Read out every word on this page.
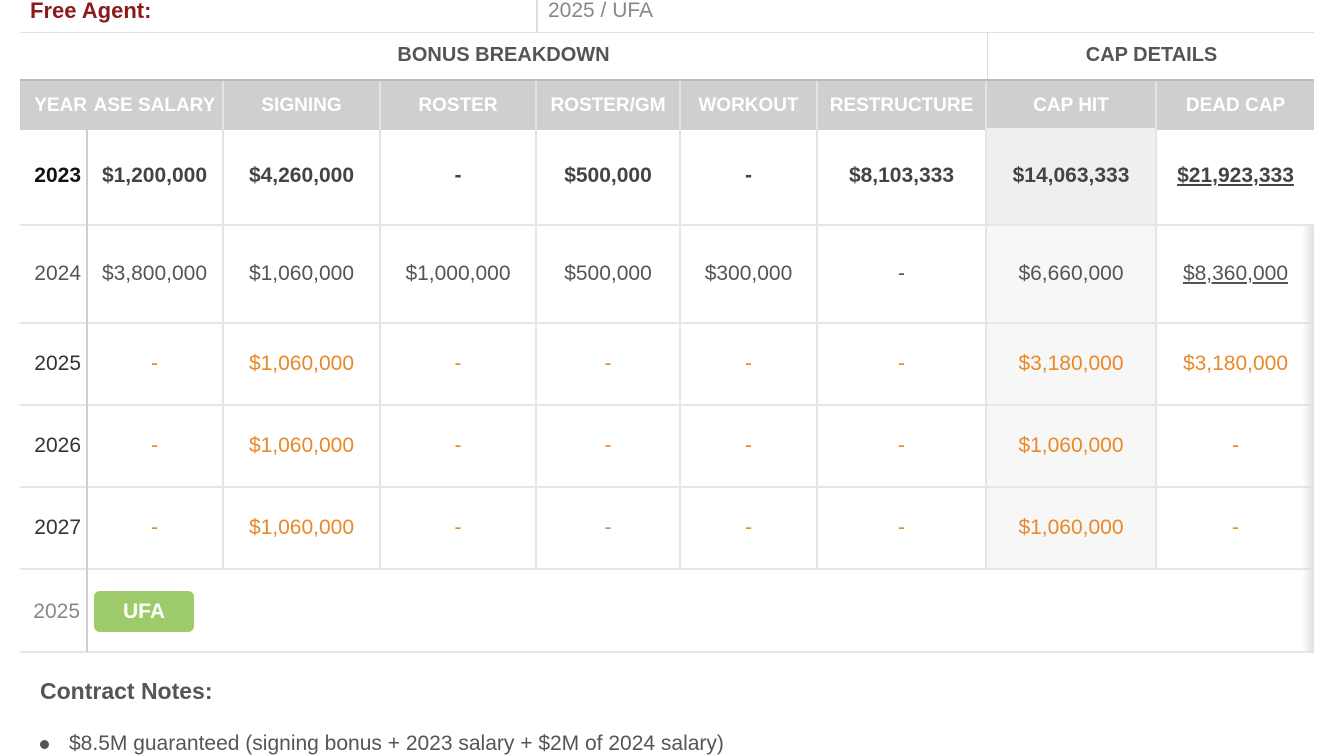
Free Agent:	2025 / UFA
BONUS BREAKDOWN	CAP DETAILS
YEAR ASE SALARY	SIGNING	ROSTER	ROSTER/GM	WORKOUT	RESTRUCTURE	CAP HIT	DEAD CAP
2023 $1,200,000	$4,260,000	-	$500,000	-	$8,103,333	$14,063,333	$21,923,333
2024 $3,800,000	$1,060,000	$1,000,000	$500,000	$300,000	-	$6,660,000	$8,360,000
2025	-	$1,060,000	-	-	-	-	$3,180,000	$3,180,000
2026	-	$1,060,000	-	-	-	-	$1,060,000	-
2027	-	$1,060,000	-	-	-	-	$1,060,000	-
2025	UFA
Contract Notes:
$8.5M guaranteed (signing bonus + 2023 salary + $2M of 2024 salary)
